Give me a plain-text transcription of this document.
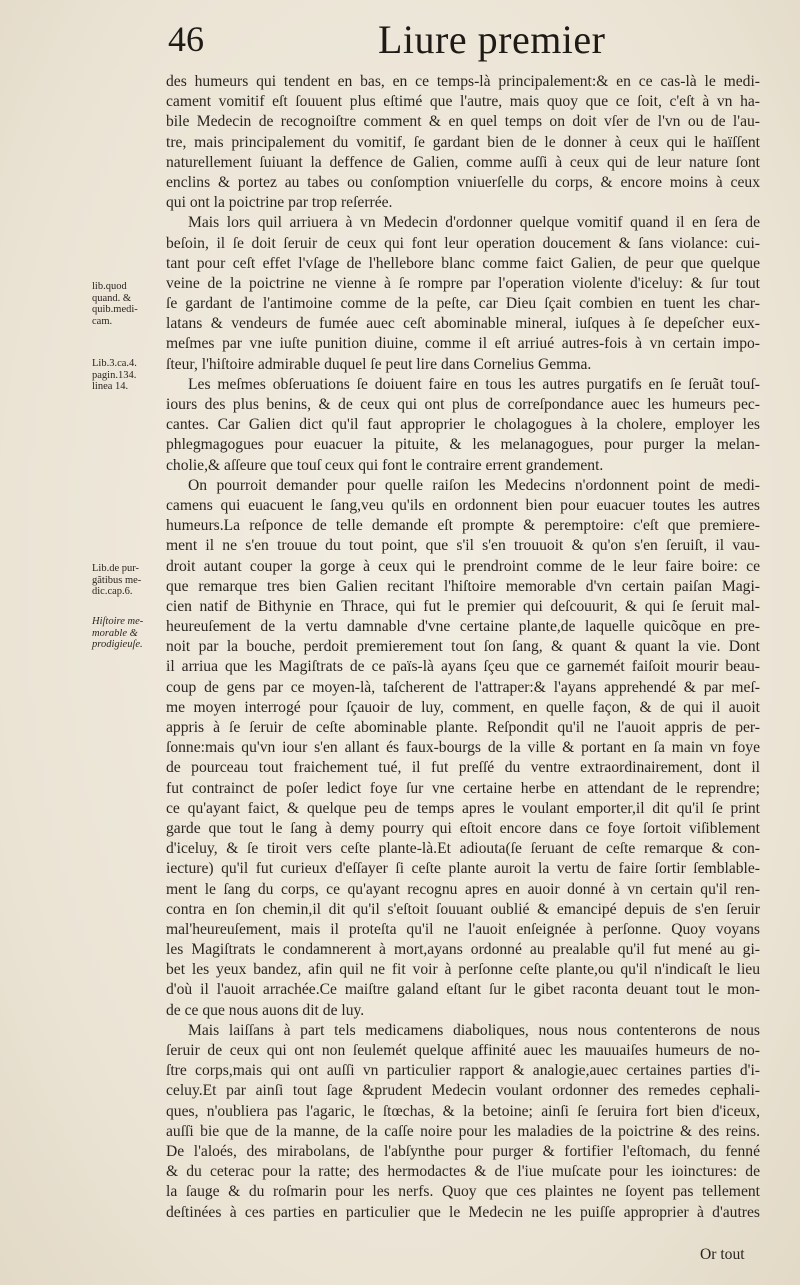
46	Liure premier
lib.quod
quand. &
quib.medi-
cam.
Lib.3.ca.4.
pagin.134.
linea 14.
Lib.de pur-
gãtibus me-
dic.cap.6.
Hiſtoire me-
morable &
prodigieuſe.
des humeurs qui tendent en bas, en ce temps-là principalement:& en ce cas-là le medi-
cament vomitif eſt ſouuent plus eſtimé que l'autre, mais quoy que ce ſoit, c'eſt à vn ha-
bile Medecin de recognoiſtre comment & en quel temps on doit vſer de l'vn ou de l'au-
tre, mais principalement du vomitif, ſe gardant bien de le donner à ceux qui le haïſſent
naturellement ſuiuant la deffence de Galien, comme auſſi à ceux qui de leur nature ſont
enclins & portez au tabes ou conſomption vniuerſelle du corps, & encore moins à ceux
qui ont la poictrine par trop reſerrée.
Mais lors quil arriuera à vn Medecin d'ordonner quelque vomitif quand il en ſera de
beſoin, il ſe doit ſeruir de ceux qui font leur operation doucement & ſans violance: cui-
tant pour ceſt effet l'vſage de l'hellebore blanc comme faict Galien, de peur que quelque
veine de la poictrine ne vienne à ſe rompre par l'operation violente d'iceluy: & ſur tout
ſe gardant de l'antimoine comme de la peſte, car Dieu ſçait combien en tuent les char-
latans & vendeurs de fumée auec ceſt abominable mineral, iuſques à ſe depeſcher eux-
meſmes par vne iuſte punition diuine, comme il eſt arriué autres-fois à vn certain impo-
ſteur, l'hiſtoire admirable duquel ſe peut lire dans Cornelius Gemma.
Les meſmes obſeruations ſe doiuent faire en tous les autres purgatifs en ſe ſeruãt touſ-
iours des plus benins, & de ceux qui ont plus de correſpondance auec les humeurs pec-
cantes. Car Galien dict qu'il faut approprier le cholagogues à la cholere, employer les
phlegmagogues pour euacuer la pituite, & les melanagogues, pour purger la melan-
cholie,& aſſeure que touſ ceux qui font le contraire errent grandement.
On pourroit demander pour quelle raiſon les Medecins n'ordonnent point de medi-
camens qui euacuent le ſang,veu qu'ils en ordonnent bien pour euacuer toutes les autres
humeurs.La reſponce de telle demande eſt prompte & peremptoire: c'eſt que premiere-
ment il ne s'en trouue du tout point, que s'il s'en trouuoit & qu'on s'en ſeruiſt, il vau-
droit autant couper la gorge à ceux qui le prendroint comme de le leur faire boire: ce
que remarque tres bien Galien recitant l'hiſtoire memorable d'vn certain paiſan Magi-
cien natif de Bithynie en Thrace, qui fut le premier qui deſcouurit, & qui ſe ſeruit mal-
heureuſement de la vertu damnable d'vne certaine plante,de laquelle quicõque en pre-
noit par la bouche, perdoit premierement tout ſon ſang, & quant & quant la vie. Dont
il arriua que les Magiſtrats de ce païs-là ayans ſçeu que ce garnemét faiſoit mourir beau-
coup de gens par ce moyen-là, taſcherent de l'attraper:& l'ayans apprehendé & par meſ-
me moyen interrogé pour ſçauoir de luy, comment, en quelle façon, & de qui il auoit
appris à ſe ſeruir de ceſte abominable plante. Reſpondit qu'il ne l'auoit appris de per-
ſonne:mais qu'vn iour s'en allant és faux-bourgs de la ville & portant en ſa main vn foye
de pourceau tout fraichement tué, il fut preſſé du ventre extraordinairement, dont il
fut contrainct de poſer ledict foye ſur vne certaine herbe en attendant de le reprendre;
ce qu'ayant faict, & quelque peu de temps apres le voulant emporter,il dit qu'il ſe print
garde que tout le ſang à demy pourry qui eſtoit encore dans ce foye ſortoit viſiblement
d'iceluy, & ſe tiroit vers ceſte plante-là.Et adiouta(ſe ſeruant de ceſte remarque & con-
iecture) qu'il fut curieux d'eſſayer ſi ceſte plante auroit la vertu de faire ſortir ſemblable-
ment le ſang du corps, ce qu'ayant recognu apres en auoir donné à vn certain qu'il ren-
contra en ſon chemin,il dit qu'il s'eſtoit ſouuant oublié & emancipé depuis de s'en ſeruir
mal'heureuſement, mais il proteſta qu'il ne l'auoit enſeignée à perſonne. Quoy voyans
les Magiſtrats le condamnerent à mort,ayans ordonné au prealable qu'il fut mené au gi-
bet les yeux bandez, afin quil ne fit voir à perſonne ceſte plante,ou qu'il n'indicaſt le lieu
d'où il l'auoit arrachée.Ce maiſtre galand eſtant ſur le gibet raconta deuant tout le mon-
de ce que nous auons dit de luy.
Mais laiſſans à part tels medicamens diaboliques, nous nous contenterons de nous
ſeruir de ceux qui ont non ſeulemét quelque affinité auec les mauuaiſes humeurs de no-
ſtre corps,mais qui ont auſſi vn particulier rapport & analogie,auec certaines parties d'i-
celuy.Et par ainſi tout ſage &prudent Medecin voulant ordonner des remedes cephali-
ques, n'oubliera pas l'agaric, le ſtœchas, & la betoine; ainſi ſe ſeruira fort bien d'iceux,
auſſi bie que de la manne, de la caſſe noire pour les maladies de la poictrine & des reins.
De l'aloés, des mirabolans, de l'abſynthe pour purger & fortifier l'eſtomach, du fenné
& du ceterac pour la ratte; des hermodactes & de l'iue muſcate pour les ioinctures: de
la ſauge & du roſmarin pour les nerfs. Quoy que ces plaintes ne ſoyent pas tellement
deſtinées à ces parties en particulier que le Medecin ne les puiſſe approprier à d'autres
Or tout
